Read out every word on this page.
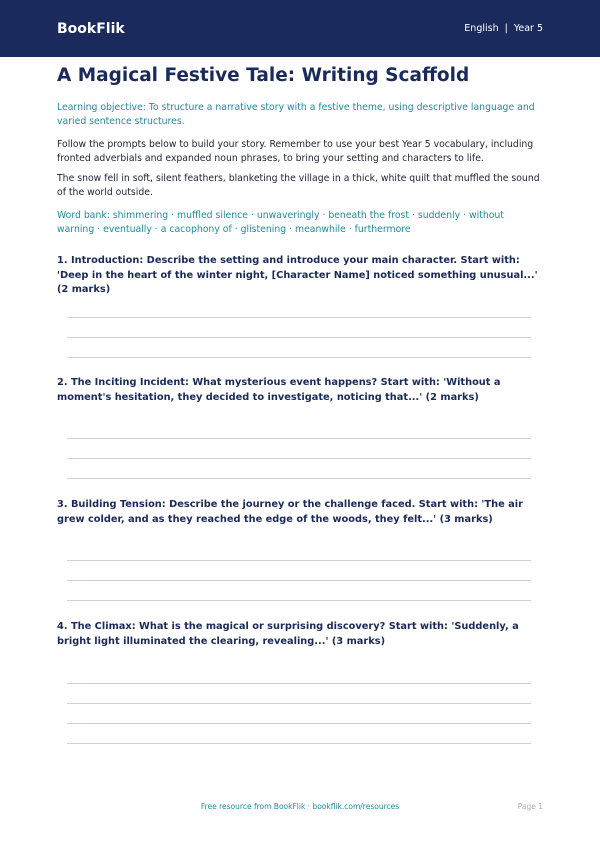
BookFlik	English | Year 5
A Magical Festive Tale: Writing Scaffold

Learning objective: To structure a narrative story with a festive theme, using descriptive language and varied sentence structures.

Follow the prompts below to build your story. Remember to use your best Year 5 vocabulary, including fronted adverbials and expanded noun phrases, to bring your setting and characters to life.

The snow fell in soft, silent feathers, blanketing the village in a thick, white quilt that muffled the sound of the world outside.

Word bank: shimmering · muffled silence · unwaveringly · beneath the frost · suddenly · without warning · eventually · a cacophony of · glistening · meanwhile · furthermore

1. Introduction: Describe the setting and introduce your main character. Start with: 'Deep in the heart of the winter night, [Character Name] noticed something unusual...' (2 marks)

2. The Inciting Incident: What mysterious event happens? Start with: 'Without a moment's hesitation, they decided to investigate, noticing that...' (2 marks)

3. Building Tension: Describe the journey or the challenge faced. Start with: 'The air grew colder, and as they reached the edge of the woods, they felt...' (3 marks)

4. The Climax: What is the magical or surprising discovery? Start with: 'Suddenly, a bright light illuminated the clearing, revealing...' (3 marks)

Free resource from BookFlik · bookflik.com/resources	Page 1
